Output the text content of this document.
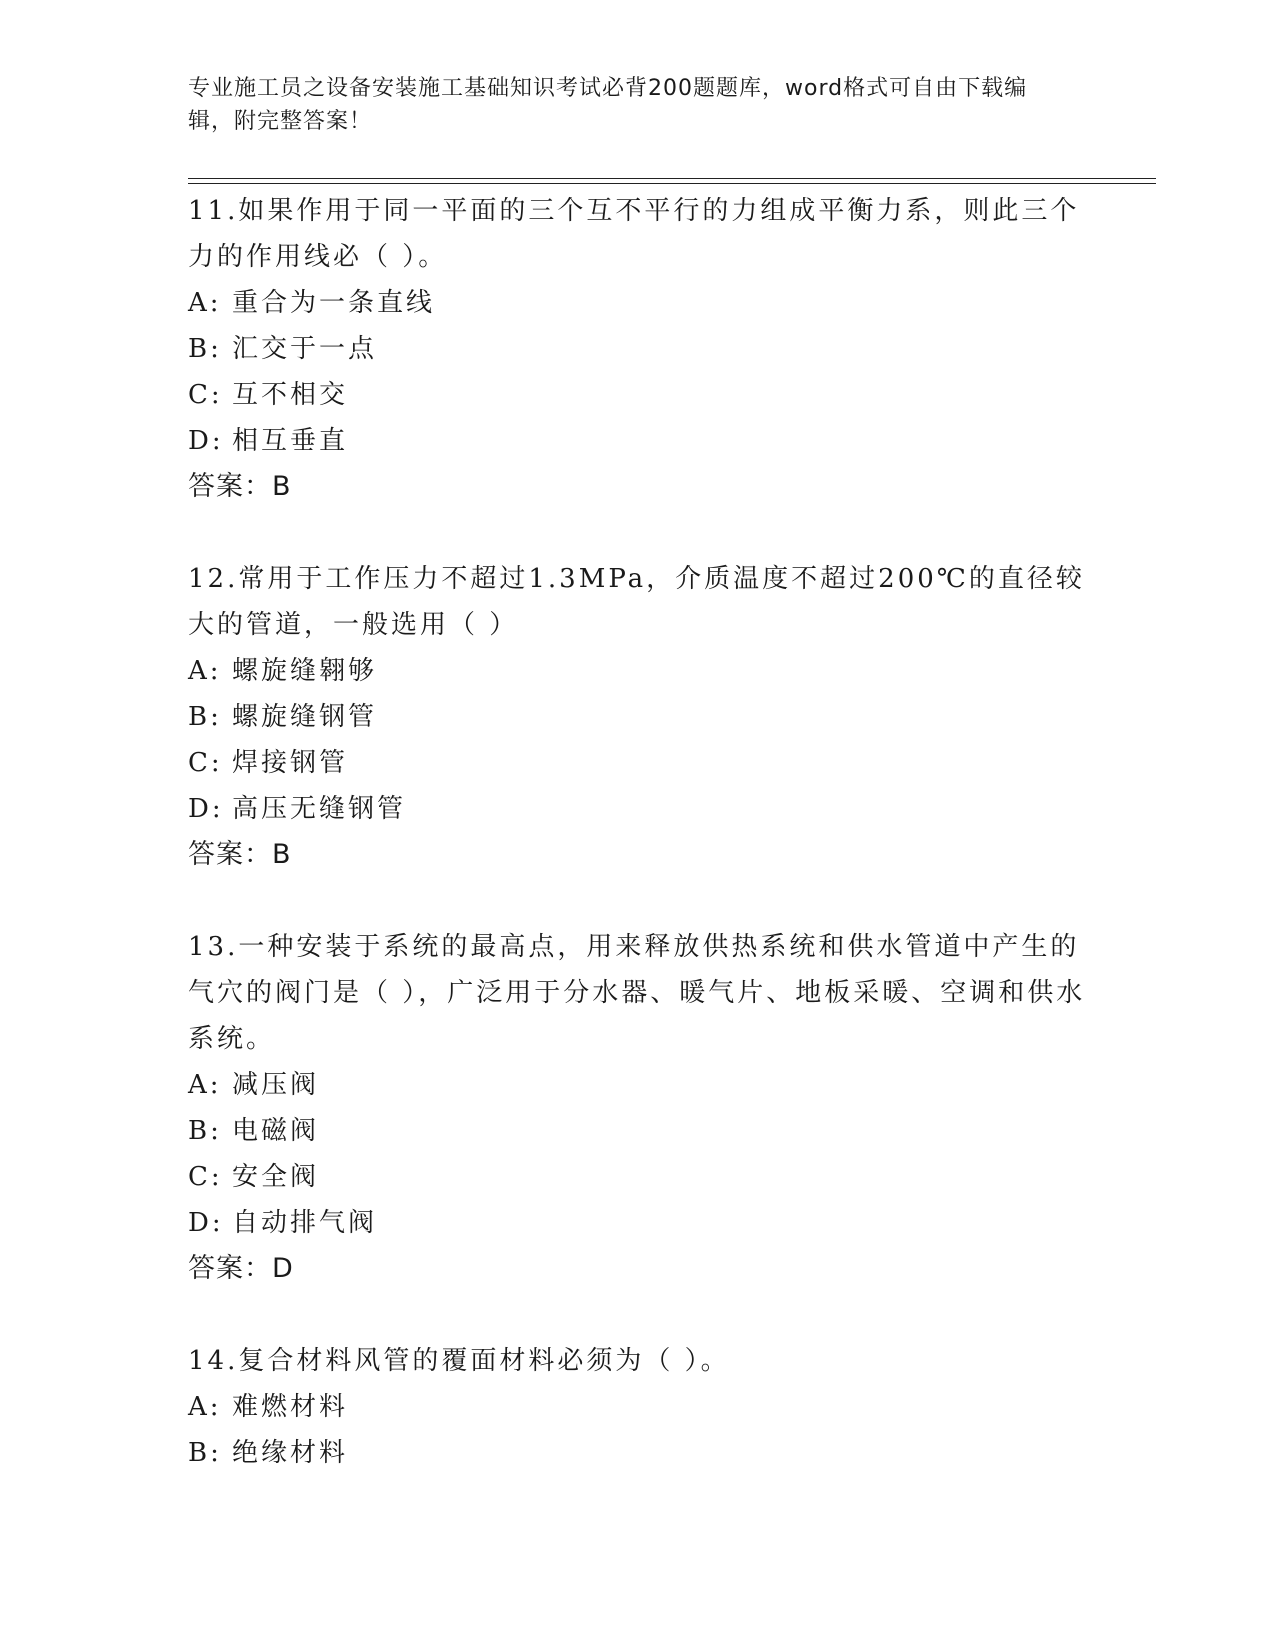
专业施工员之设备安装施工基础知识考试必背200题题库，word格式可自由下载编辑，附完整答案！
11.如果作用于同一平面的三个互不平行的力组成平衡力系，则此三个力的作用线必（ ）。
A: 重合为一条直线
B: 汇交于一点
C: 互不相交
D: 相互垂直
答案：B
12.常用于工作压力不超过1.3MPa，介质温度不超过200℃的直径较大的管道，一般选用（ ）
A: 螺旋缝翱够
B: 螺旋缝钢管
C: 焊接钢管
D: 高压无缝钢管
答案：B
13.一种安装于系统的最高点，用来释放供热系统和供水管道中产生的气穴的阀门是（ ），广泛用于分水器、暖气片、地板采暖、空调和供水系统。
A: 减压阀
B: 电磁阀
C: 安全阀
D: 自动排气阀
答案：D
14.复合材料风管的覆面材料必须为（ ）。
A: 难燃材料
B: 绝缘材料
